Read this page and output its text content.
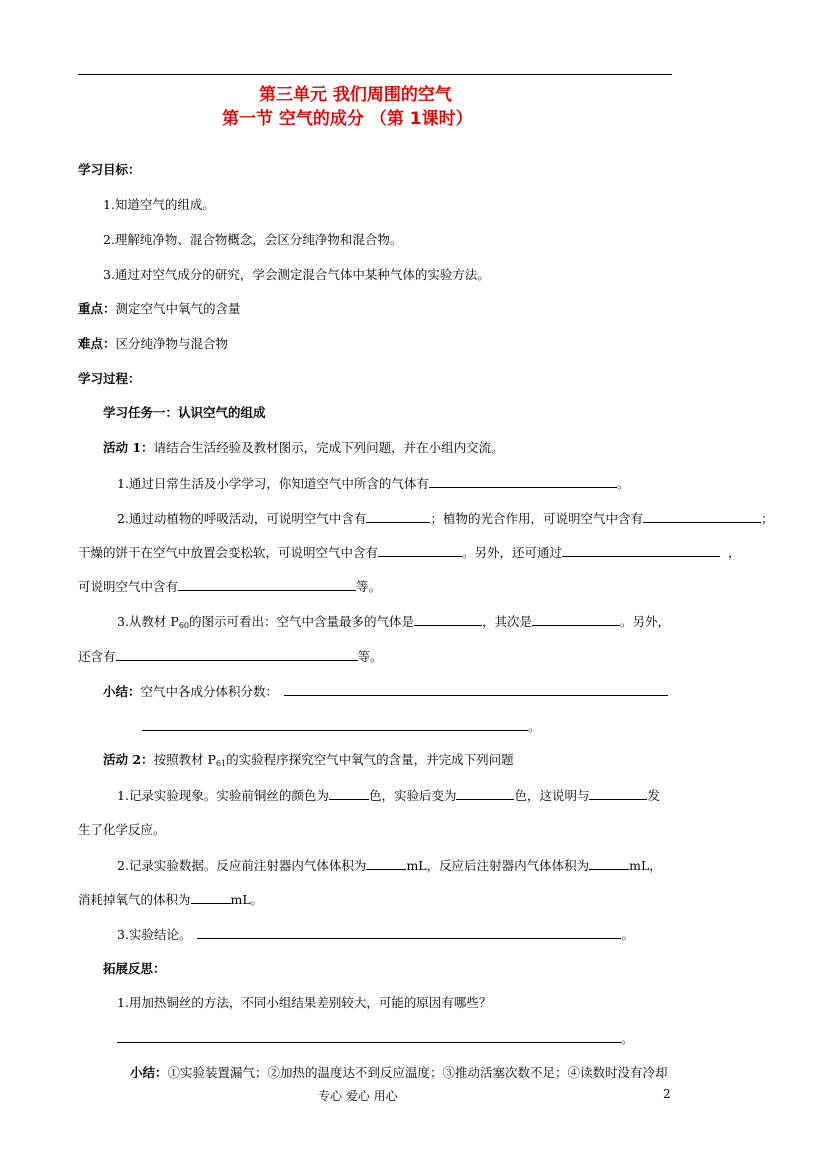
第三单元 我们周围的空气
第一节 空气的成分 （第 1课时）
学习目标：
1.知道空气的组成。
2.理解纯净物、混合物概念，会区分纯净物和混合物。
3.通过对空气成分的研究，学会测定混合气体中某种气体的实验方法。
重点：测定空气中氧气的含量
难点：区分纯净物与混合物
学习过程：
学习任务一：认识空气的组成
活动 1：请结合生活经验及教材图示，完成下列问题，并在小组内交流。
1.通过日常生活及小学学习，你知道空气中所含的气体有	。
2.通过动植物的呼吸活动，可说明空气中含有	；植物的光合作用，可说明空气中含有	；
干燥的饼干在空气中放置会变松软，可说明空气中含有	。另外，还可通过	，
可说明空气中含有	等。
3.从教材 $P_{60}$的图示可看出：空气中含量最多的气体是	，其次是	。另外，
还含有	等。
小结：空气中各成分体积分数：
。
活动 2：按照教材 $P_{61}$的实验程序探究空气中氧气的含量，并完成下列问题
1.记录实验现象。实验前铜丝的颜色为	色，实验后变为	色，这说明与	发
生了化学反应。
2.记录实验数据。反应前注射器内气体体积为	mL，反应后注射器内气体体积为	mL，
消耗掉氧气的体积为	mL。
3.实验结论。	。
拓展反思：
1.用加热铜丝的方法，不同小组结果差别较大，可能的原因有哪些？
。
小结：①实验装置漏气；②加热的温度达不到反应温度；③推动活塞次数不足；④读数时没有冷却
专心 爱心 用心	2
